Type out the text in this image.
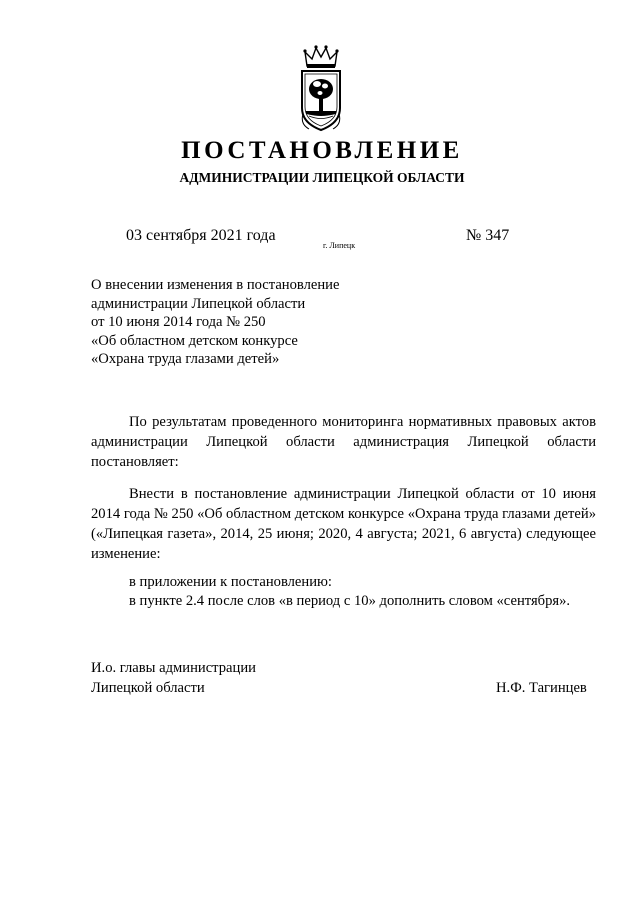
ПОСТАНОВЛЕНИЕ
АДМИНИСТРАЦИИ ЛИПЕЦКОЙ ОБЛАСТИ
03 сентября 2021 года
г. Липецк
№ 347
О внесении изменения в постановление
администрации Липецкой области
от 10 июня 2014 года № 250
«Об областном детском конкурсе
«Охрана труда глазами детей»

По результатам проведенного мониторинга нормативных правовых актов администрации Липецкой области администрация Липецкой области постановляет:

Внести в постановление администрации Липецкой области от 10 июня 2014 года № 250 «Об областном детском конкурсе «Охрана труда глазами детей» («Липецкая газета», 2014, 25 июня; 2020, 4 августа; 2021, 6 августа) следующее изменение:

в приложении к постановлению:
в пункте 2.4 после слов «в период с 10» дополнить словом «сентября».
И.о. главы администрации
Липецкой области	Н.Ф. Тагинцев
